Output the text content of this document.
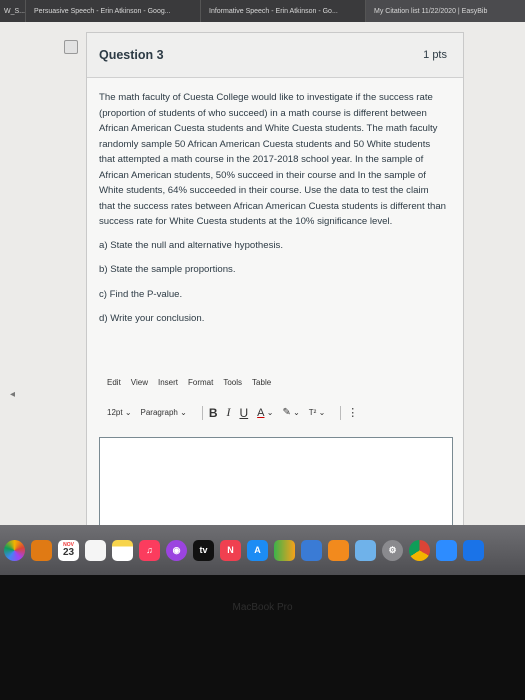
W_S... Persuasive Speech - Erin Atkinson - Goog...	Informative Speech - Erin Atkinson - Go...	My Citation list 11/22/2020 | EasyBib
◂
Question 3	1 pts

The math faculty of Cuesta College would like to investigate if the success rate (proportion of students of who succeed) in a math course is different between African American Cuesta students and White Cuesta students. The math faculty randomly sample 50 African American Cuesta students and 50 White students that attempted a math course in the 2017-2018 school year. In the sample of African American students, 50% succeed in their course and In the sample of White students, 64% succeeded in their course. Use the data to test the claim that the success rates between African American Cuesta students is different than success rate for White Cuesta students at the 10% significance level.

a) State the null and alternative hypothesis.

b) State the sample proportions.

c) Find the P-value.

d) Write your conclusion.

Edit View Insert Format Tools Table
12pt
⌄ Paragraph
⌄ B I U A
⌄ ✎
⌄ T²
⌄ ⋮
NOV
23	♫	◉	tv	N	A	⚙
MacBook Pro
